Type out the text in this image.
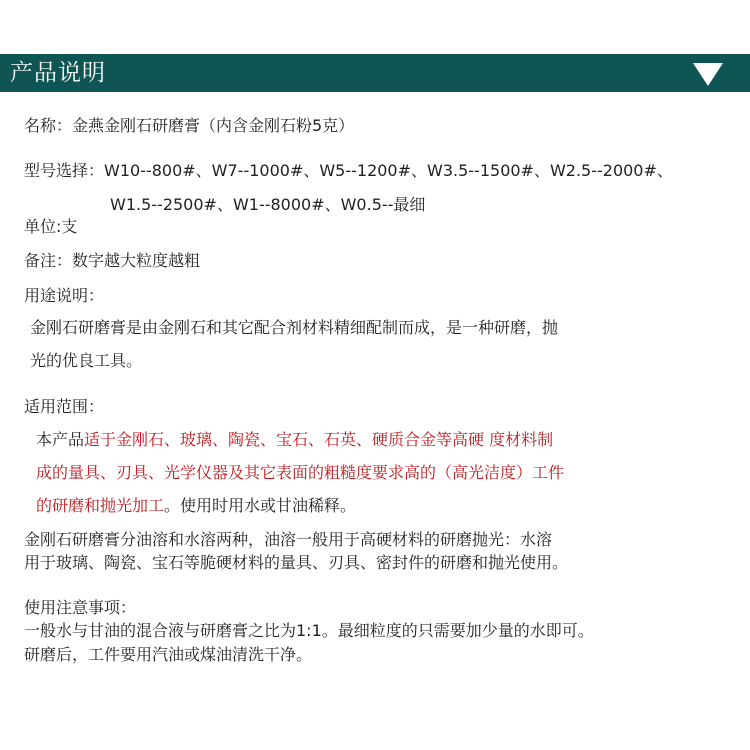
产品说明
名称：金燕金刚石研磨膏（内含金刚石粉5克）
型号选择：W10--800#、W7--1000#、W5--1200#、W3.5--1500#、W2.5--2000#、
W1.5--2500#、W1--8000#、W0.5--最细
单位:支
备注：数字越大粒度越粗
用途说明：
金刚石研磨膏是由金刚石和其它配合剂材料精细配制而成，是一种研磨，抛
光的优良工具。
适用范围：
本产品适于金刚石、玻璃、陶瓷、宝石、石英、硬质合金等高硬 度材料制
成的量具、刃具、光学仪器及其它表面的粗糙度要求高的（高光洁度）工件
的研磨和抛光加工。使用时用水或甘油稀释。
金刚石研磨膏分油溶和水溶两种，油溶一般用于高硬材料的研磨抛光：水溶
用于玻璃、陶瓷、宝石等脆硬材料的量具、刃具、密封件的研磨和抛光使用。
使用注意事项：
一般水与甘油的混合液与研磨膏之比为1:1。最细粒度的只需要加少量的水即可。
研磨后，工件要用汽油或煤油清洗干净。
